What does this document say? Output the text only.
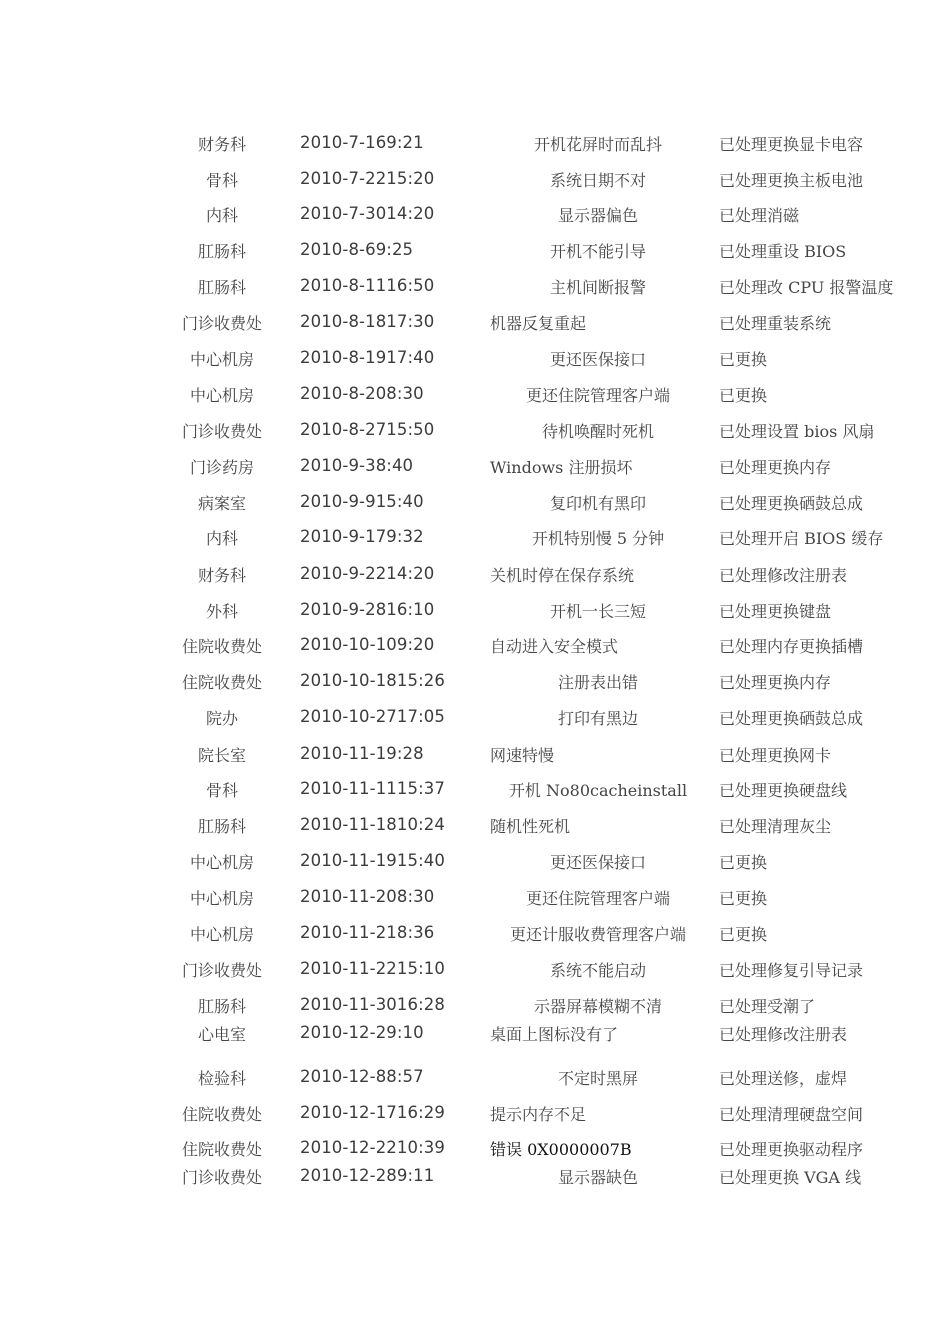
财务科	2010-7-169:21	开机花屏时而乱抖	已处理更换显卡电容
骨科	2010-7-2215:20	系统日期不对	已处理更换主板电池
内科	2010-7-3014:20	显示器偏色	已处理消磁
肛肠科	2010-8-69:25	开机不能引导	已处理重设 BIOS
肛肠科	2010-8-1116:50	主机间断报警	已处理改 CPU 报警温度
门诊收费处	2010-8-1817:30	机器反复重起	已处理重装系统
中心机房	2010-8-1917:40	更还医保接口	已更换
中心机房	2010-8-208:30	更还住院管理客户端	已更换
门诊收费处	2010-8-2715:50	待机唤醒时死机	已处理设置 bios 风扇
门诊药房	2010-9-38:40	Windows 注册损坏	已处理更换内存
病案室	2010-9-915:40	复印机有黑印	已处理更换硒鼓总成
内科	2010-9-179:32	开机特别慢 5 分钟	已处理开启 BIOS 缓存
财务科	2010-9-2214:20	关机时停在保存系统	已处理修改注册表
外科	2010-9-2816:10	开机一长三短	已处理更换键盘
住院收费处	2010-10-109:20	自动进入安全模式	已处理内存更换插槽
住院收费处	2010-10-1815:26	注册表出错	已处理更换内存
院办	2010-10-2717:05	打印有黑边	已处理更换硒鼓总成
院长室	2010-11-19:28	网速特慢	已处理更换网卡
骨科	2010-11-1115:37	开机 No80cacheinstall	已处理更换硬盘线
肛肠科	2010-11-1810:24	随机性死机	已处理清理灰尘
中心机房	2010-11-1915:40	更还医保接口	已更换
中心机房	2010-11-208:30	更还住院管理客户端	已更换
中心机房	2010-11-218:36	更还计服收费管理客户端	已更换
门诊收费处	2010-11-2215:10	系统不能启动	已处理修复引导记录
肛肠科	2010-11-3016:28	示器屏幕模糊不清	已处理受潮了
心电室	2010-12-29:10	桌面上图标没有了	已处理修改注册表
检验科	2010-12-88:57	不定时黑屏	已处理送修，虚焊
住院收费处	2010-12-1716:29	提示内存不足	已处理清理硬盘空间
住院收费处	2010-12-2210:39	错误 0X0000007B	已处理更换驱动程序
门诊收费处	2010-12-289:11	显示器缺色	已处理更换 VGA 线
